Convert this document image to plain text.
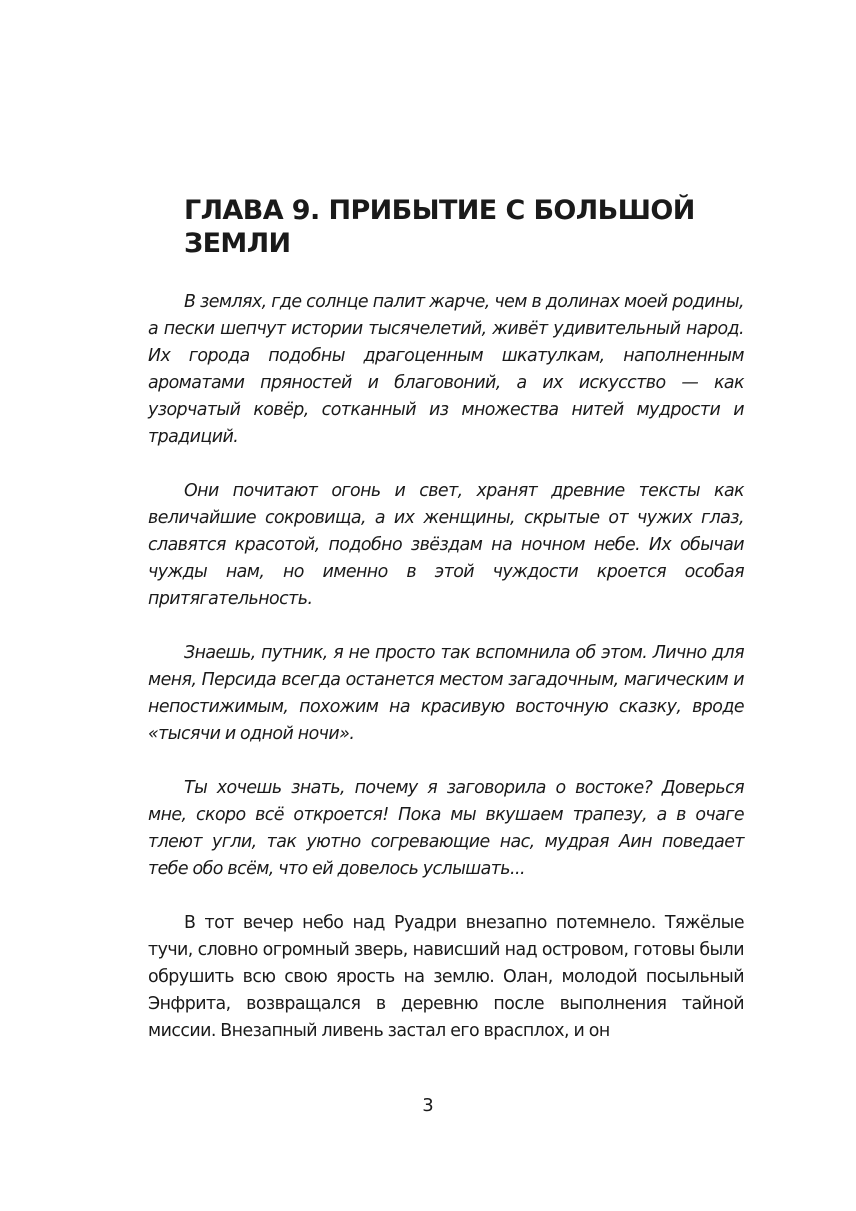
ГЛАВА 9. ПРИБЫТИЕ С БОЛЬШОЙ ЗЕМЛИ

В землях, где солнце палит жарче, чем в долинах моей родины, а пески шепчут истории тысячелетий, живёт удивительный народ. Их города подобны драгоценным шкатулкам, наполненным ароматами пряностей и благовоний, а их искусство — как узорчатый ковёр, сотканный из множества нитей мудрости и традиций.

Они почитают огонь и свет, хранят древние тексты как величайшие сокровища, а их женщины, скрытые от чужих глаз, славятся красотой, подобно звёздам на ночном небе. Их обычаи чужды нам, но именно в этой чуждости кроется особая притягательность.

Знаешь, путник, я не просто так вспомнила об этом. Лично для меня, Персида всегда останется местом загадочным, магическим и непостижимым, похожим на красивую восточную сказку, вроде «тысячи и одной ночи».

Ты хочешь знать, почему я заговорила о востоке? Доверься мне, скоро всё откроется! Пока мы вкушаем трапезу, а в очаге тлеют угли, так уютно согревающие нас, мудрая Аин поведает тебе обо всём, что ей довелось услышать...

В тот вечер небо над Руадри внезапно потемнело. Тяжёлые тучи, словно огромный зверь, нависший над островом, готовы были обрушить всю свою ярость на землю. Олан, молодой посыльный Энфрита, возвращался в деревню после выполнения тайной миссии. Внезапный ливень застал его врасплох, и он

3
